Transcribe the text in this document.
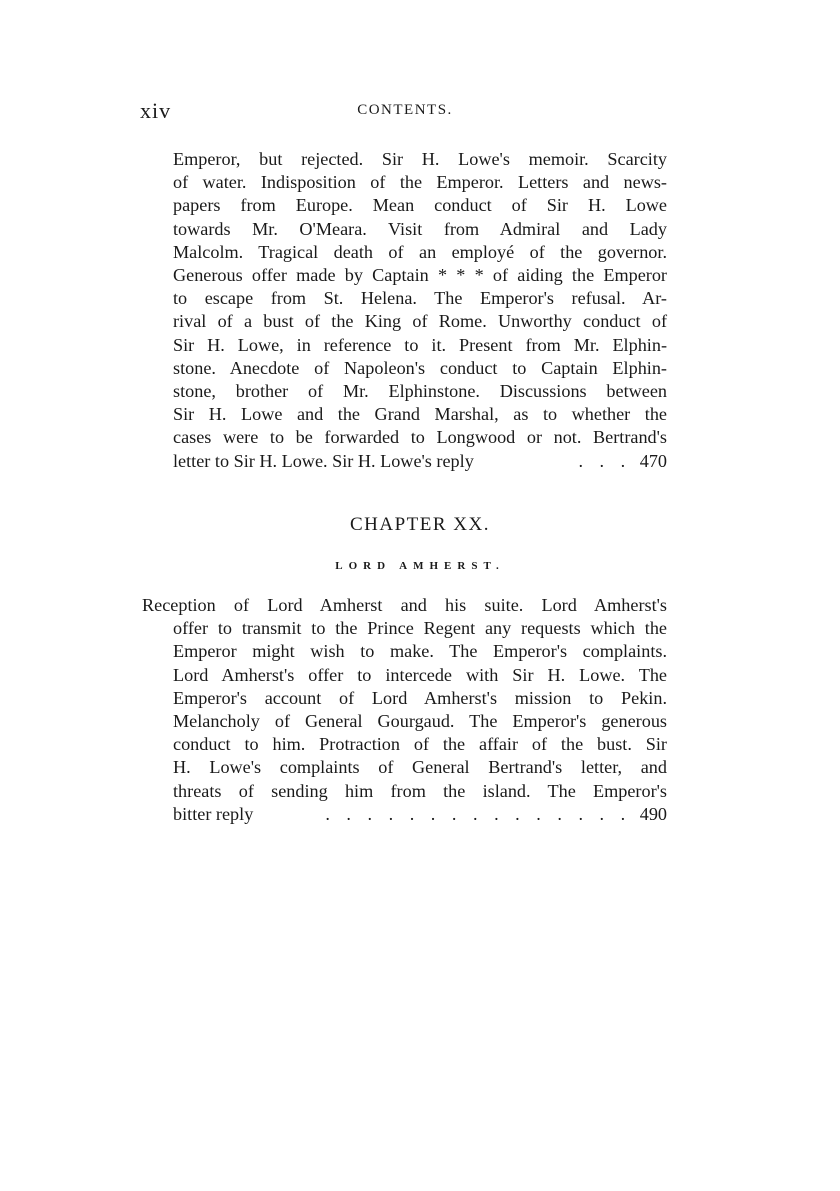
xiv	CONTENTS.
Emperor, but rejected. Sir H. Lowe's memoir. Scarcity
of water. Indisposition of the Emperor. Letters and news-
papers from Europe. Mean conduct of Sir H. Lowe
towards Mr. O'Meara. Visit from Admiral and Lady
Malcolm. Tragical death of an employé of the governor.
Generous offer made by Captain * * * of aiding the Emperor
to escape from St. Helena. The Emperor's refusal. Ar-
rival of a bust of the King of Rome. Unworthy conduct of
Sir H. Lowe, in reference to it. Present from Mr. Elphin-
stone. Anecdote of Napoleon's conduct to Captain Elphin-
stone, brother of Mr. Elphinstone. Discussions between
Sir H. Lowe and the Grand Marshal, as to whether the
cases were to be forwarded to Longwood or not. Bertrand's
letter to Sir H. Lowe. Sir H. Lowe's reply	. . . 470
CHAPTER XX.
LORD AMHERST.
Reception of Lord Amherst and his suite. Lord Amherst's
offer to transmit to the Prince Regent any requests which the
Emperor might wish to make. The Emperor's complaints.
Lord Amherst's offer to intercede with Sir H. Lowe. The
Emperor's account of Lord Amherst's mission to Pekin.
Melancholy of General Gourgaud. The Emperor's generous
conduct to him. Protraction of the affair of the bust. Sir
H. Lowe's complaints of General Bertrand's letter, and
threats of sending him from the island. The Emperor's
bitter reply	. . . . . . . . . . . . . . . 490
